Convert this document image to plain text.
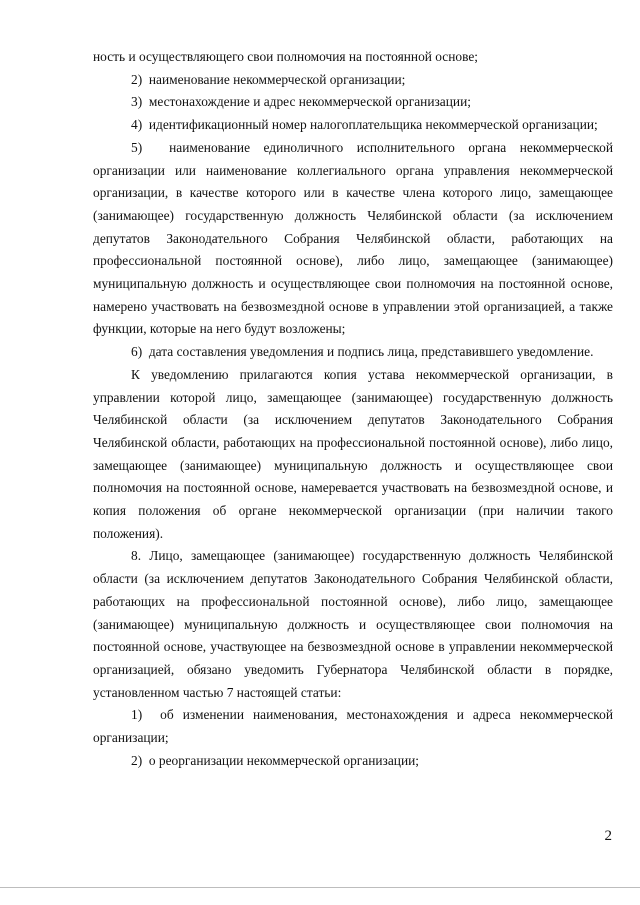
ность и осуществляющего свои полномочия на постоянной основе;

2)  наименование некоммерческой организации;

3)  местонахождение и адрес некоммерческой организации;

4)  идентификационный номер налогоплательщика некоммерческой организации;

5)  наименование единоличного исполнительного органа некоммерческой организации или наименование коллегиального органа управления некоммерческой организации, в качестве которого или в качестве члена которого лицо, замещающее (занимающее) государственную должность Челябинской области (за исключением депутатов Законодательного Собрания Челябинской области, работающих на профессиональной постоянной основе), либо лицо, замещающее (занимающее) муниципальную должность и осуществляющее свои полномочия на постоянной основе, намерено участвовать на безвозмездной основе в управлении этой организацией, а также функции, которые на него будут возложены;

6)  дата составления уведомления и подпись лица, представившего уведомление.

К уведомлению прилагаются копия устава некоммерческой организации, в управлении которой лицо, замещающее (занимающее) государственную должность Челябинской области (за исключением депутатов Законодательного Собрания Челябинской области, работающих на профессиональной постоянной основе), либо лицо, замещающее (занимающее) муниципальную должность и осуществляющее свои полномочия на постоянной основе, намеревается участвовать на безвозмездной основе, и копия положения об органе некоммерческой организации (при наличии такого положения).

8. Лицо, замещающее (занимающее) государственную должность Челябинской области (за исключением депутатов Законодательного Собрания Челябинской области, работающих на профессиональной постоянной основе), либо лицо, замещающее (занимающее) муниципальную должность и осуществляющее свои полномочия на постоянной основе, участвующее на безвозмездной основе в управлении некоммерческой организацией, обязано уведомить Губернатора Челябинской области в порядке, установленном частью 7 настоящей статьи:

1)  об изменении наименования, местонахождения и адреса некоммерческой организации;

2)  о реорганизации некоммерческой организации;

2
